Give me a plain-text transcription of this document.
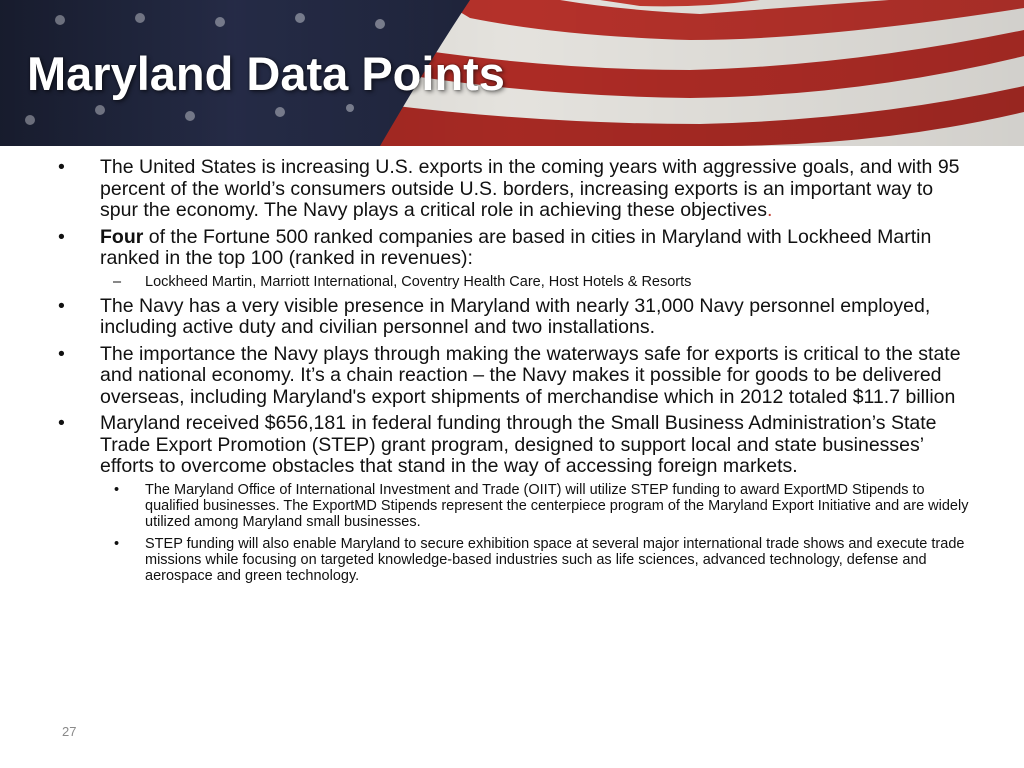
Maryland Data Points
• The United States is increasing U.S. exports in the coming years with aggressive goals, and with 95 percent of the world’s consumers outside U.S. borders, increasing exports is an important way to spur the economy. The Navy plays a critical role in achieving these objectives.
• Four of the Fortune 500 ranked companies are based in cities in Maryland with Lockheed Martin ranked in the top 100 (ranked in revenues):
– Lockheed Martin, Marriott International, Coventry Health Care, Host Hotels & Resorts
• The Navy has a very visible presence in Maryland with nearly 31,000 Navy personnel employed, including active duty and civilian personnel and two installations.
• The importance the Navy plays through making the waterways safe for exports is critical to the state and national economy. It’s a chain reaction – the Navy makes it possible for goods to be delivered overseas, including Maryland's export shipments of merchandise which in 2012 totaled $11.7 billion
• Maryland received $656,181 in federal funding through the Small Business Administration’s State Trade Export Promotion (STEP) grant program, designed to support local and state businesses’ efforts to overcome obstacles that stand in the way of accessing foreign markets.
• The Maryland Office of International Investment and Trade (OIIT) will utilize STEP funding to award ExportMD Stipends to qualified businesses. The ExportMD Stipends represent the centerpiece program of the Maryland Export Initiative and are widely utilized among Maryland small businesses.
• STEP funding will also enable Maryland to secure exhibition space at several major international trade shows and execute trade missions while focusing on targeted knowledge-based industries such as life sciences, advanced technology, defense and aerospace and green technology.
27
